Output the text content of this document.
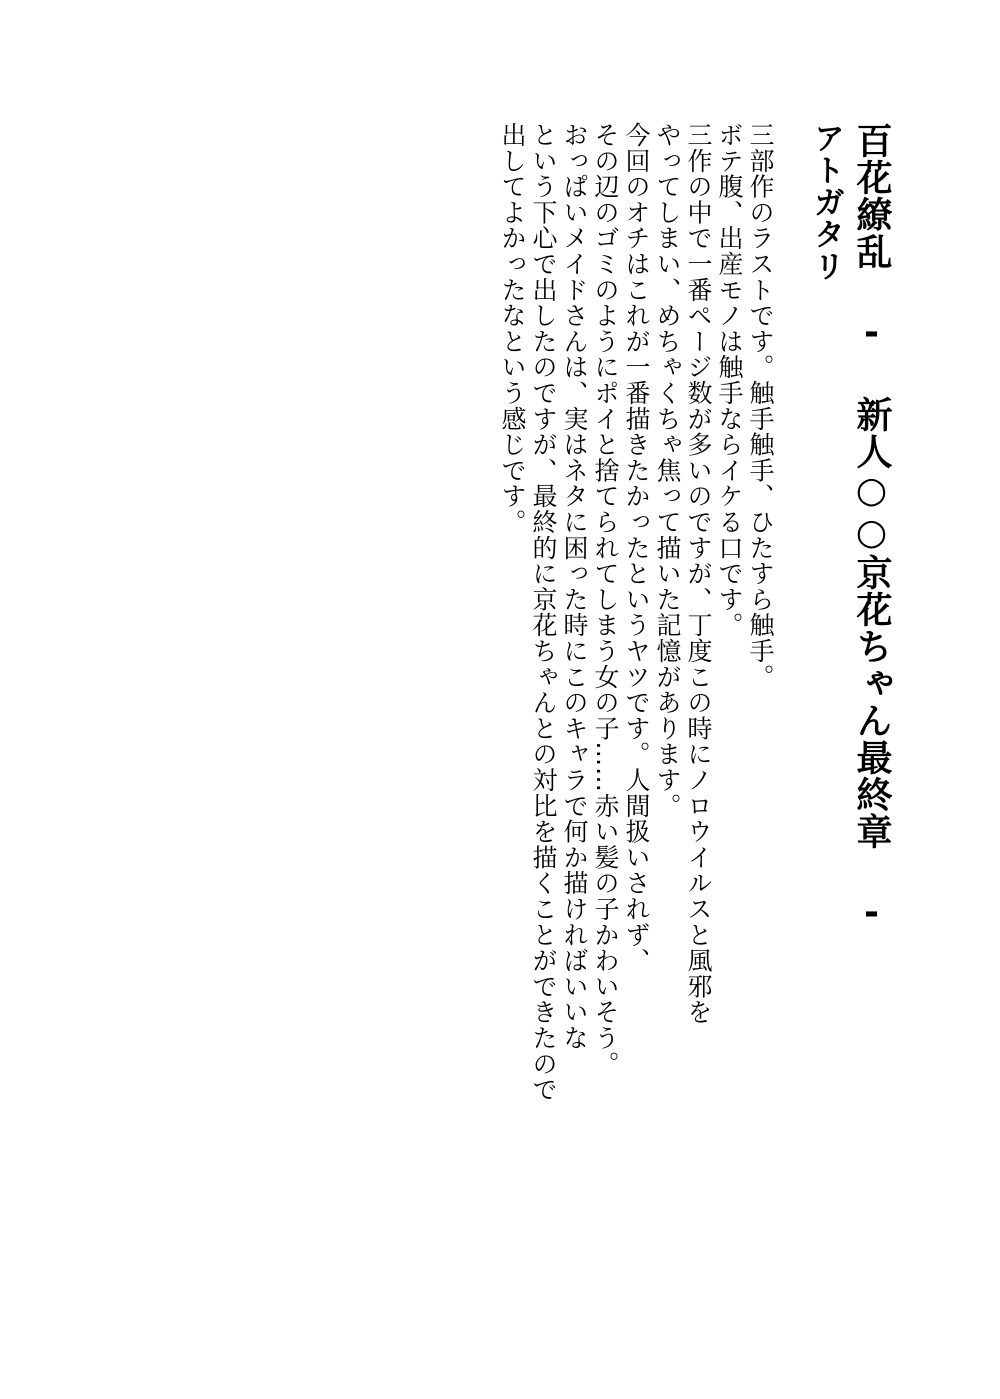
百花繚乱 - 新人○○京花ちゃん最終章 -
アトガタリ
三部作のラストです。触手触手、ひたすら触手。
ボテ腹、出産モノは触手ならイケる口です。
三作の中で一番ページ数が多いのですが、丁度この時にノロウイルスと風邪を
やってしまい、めちゃくちゃ焦って描いた記憶があります。
今回のオチはこれが一番描きたかったというヤツです。人間扱いされず、
その辺のゴミのようにポイと捨てられてしまう女の子……赤い髪の子かわいそう。
おっぱいメイドさんは、実はネタに困った時にこのキャラで何か描ければいいな
という下心で出したのですが、最終的に京花ちゃんとの対比を描くことができたので
出してよかったなという感じです。
